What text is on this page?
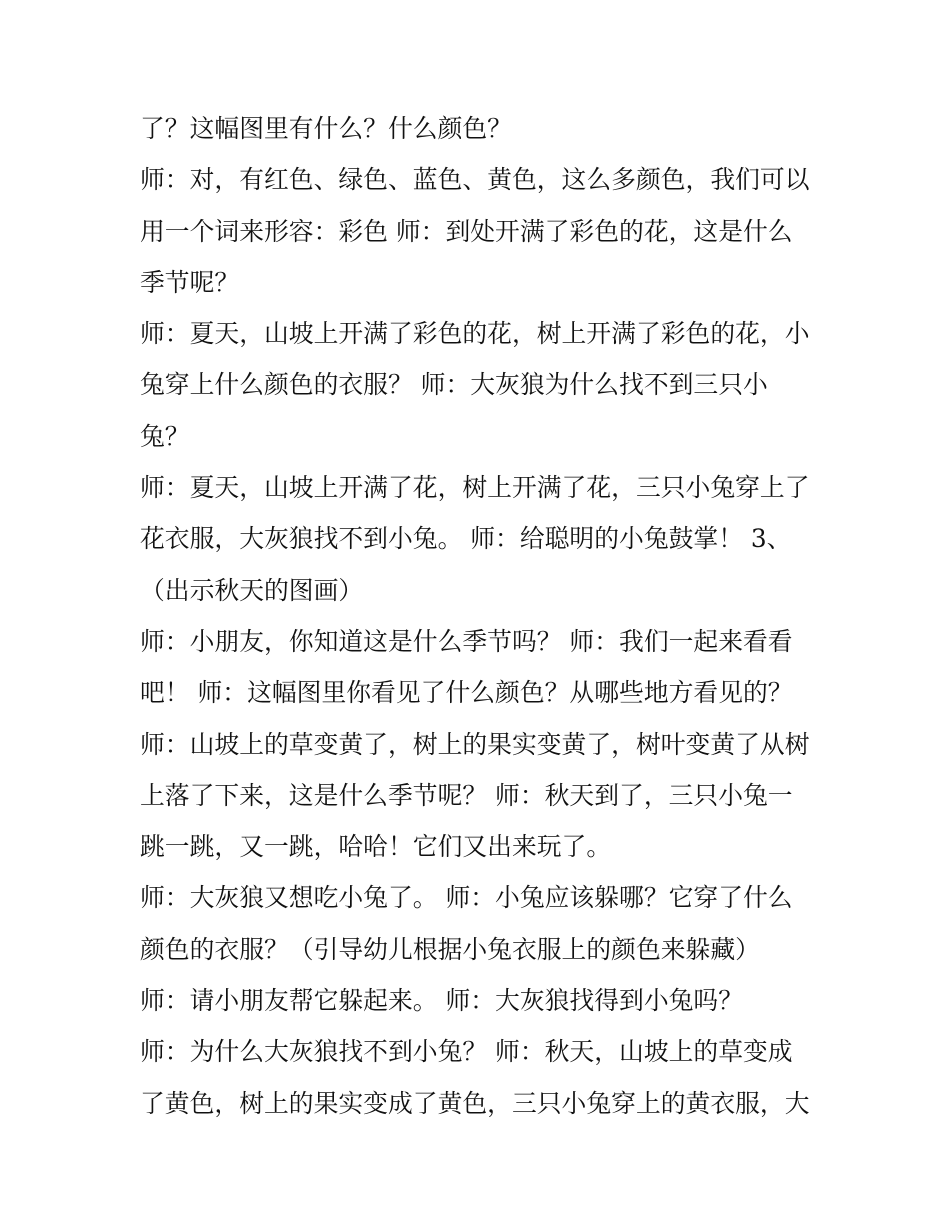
了？这幅图里有什么？什么颜色？
师：对，有红色、绿色、蓝色、黄色，这么多颜色，我们可以
用一个词来形容：彩色 师：到处开满了彩色的花，这是什么
季节呢？
师：夏天，山坡上开满了彩色的花，树上开满了彩色的花，小
兔穿上什么颜色的衣服？ 师：大灰狼为什么找不到三只小
兔？
师：夏天，山坡上开满了花，树上开满了花，三只小兔穿上了
花衣服，大灰狼找不到小兔。 师：给聪明的小兔鼓掌！ 3、
（出示秋天的图画）
师：小朋友，你知道这是什么季节吗？ 师：我们一起来看看
吧！ 师：这幅图里你看见了什么颜色？从哪些地方看见的？
师：山坡上的草变黄了，树上的果实变黄了，树叶变黄了从树
上落了下来，这是什么季节呢？ 师：秋天到了，三只小兔一
跳一跳，又一跳，哈哈！它们又出来玩了。
师：大灰狼又想吃小兔了。 师：小兔应该躲哪？它穿了什么
颜色的衣服？（引导幼儿根据小兔衣服上的颜色来躲藏）
师：请小朋友帮它躲起来。 师：大灰狼找得到小兔吗？
师：为什么大灰狼找不到小兔？ 师：秋天，山坡上的草变成
了黄色，树上的果实变成了黄色，三只小兔穿上的黄衣服，大
